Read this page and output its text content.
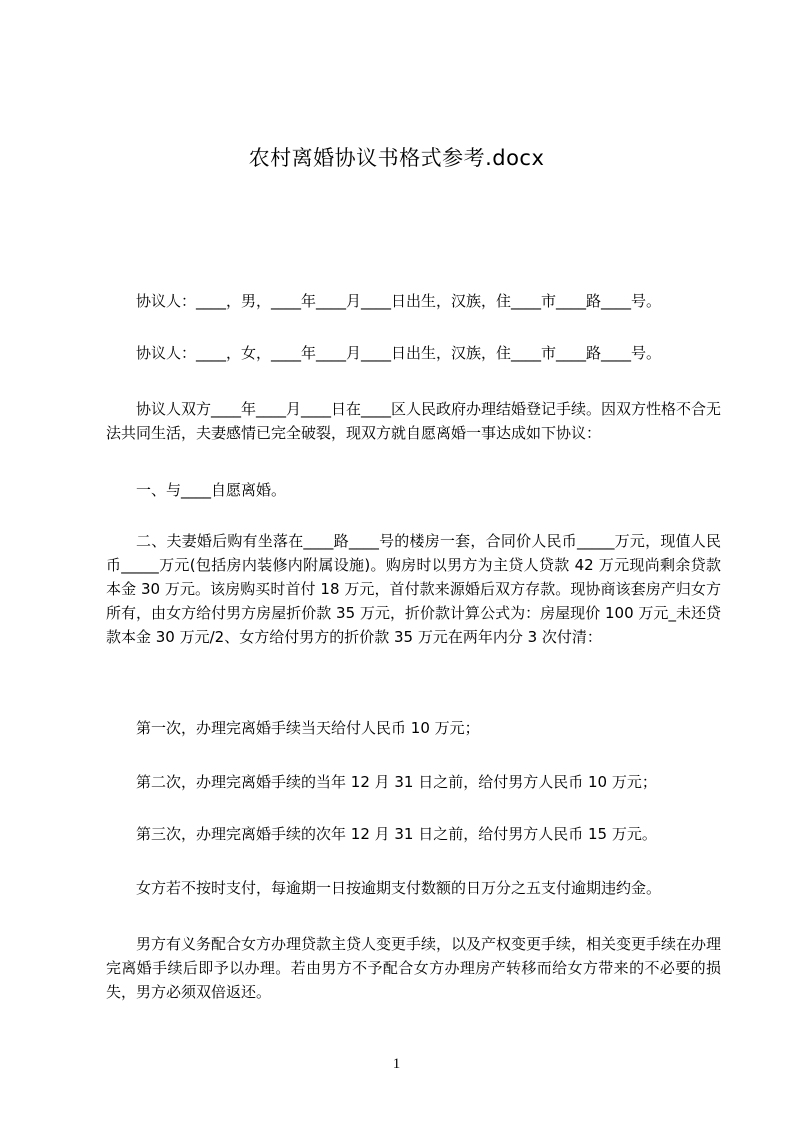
农村离婚协议书格式参考.docx

协议人：____，男，____年____月____日出生，汉族，住____市____路____号。

协议人：____，女，____年____月____日出生，汉族，住____市____路____号。

协议人双方____年____月____日在____区人民政府办理结婚登记手续。因双方性格不合无法共同生活，夫妻感情已完全破裂，现双方就自愿离婚一事达成如下协议：

一、与____自愿离婚。

二、夫妻婚后购有坐落在____路____号的楼房一套，合同价人民币_____万元，现值人民币_____万元(包括房内装修内附属设施)。购房时以男方为主贷人贷款 42 万元现尚剩余贷款本金 30 万元。该房购买时首付 18 万元，首付款来源婚后双方存款。现协商该套房产归女方所有，由女方给付男方房屋折价款 35 万元，折价款计算公式为：房屋现价 100 万元_未还贷款本金 30 万元/2、女方给付男方的折价款 35 万元在两年内分 3 次付清：

第一次，办理完离婚手续当天给付人民币 10 万元；

第二次，办理完离婚手续的当年 12 月 31 日之前，给付男方人民币 10 万元；

第三次，办理完离婚手续的次年 12 月 31 日之前，给付男方人民币 15 万元。

女方若不按时支付，每逾期一日按逾期支付数额的日万分之五支付逾期违约金。

男方有义务配合女方办理贷款主贷人变更手续，以及产权变更手续，相关变更手续在办理完离婚手续后即予以办理。若由男方不予配合女方办理房产转移而给女方带来的不必要的损失，男方必须双倍返还。

1
